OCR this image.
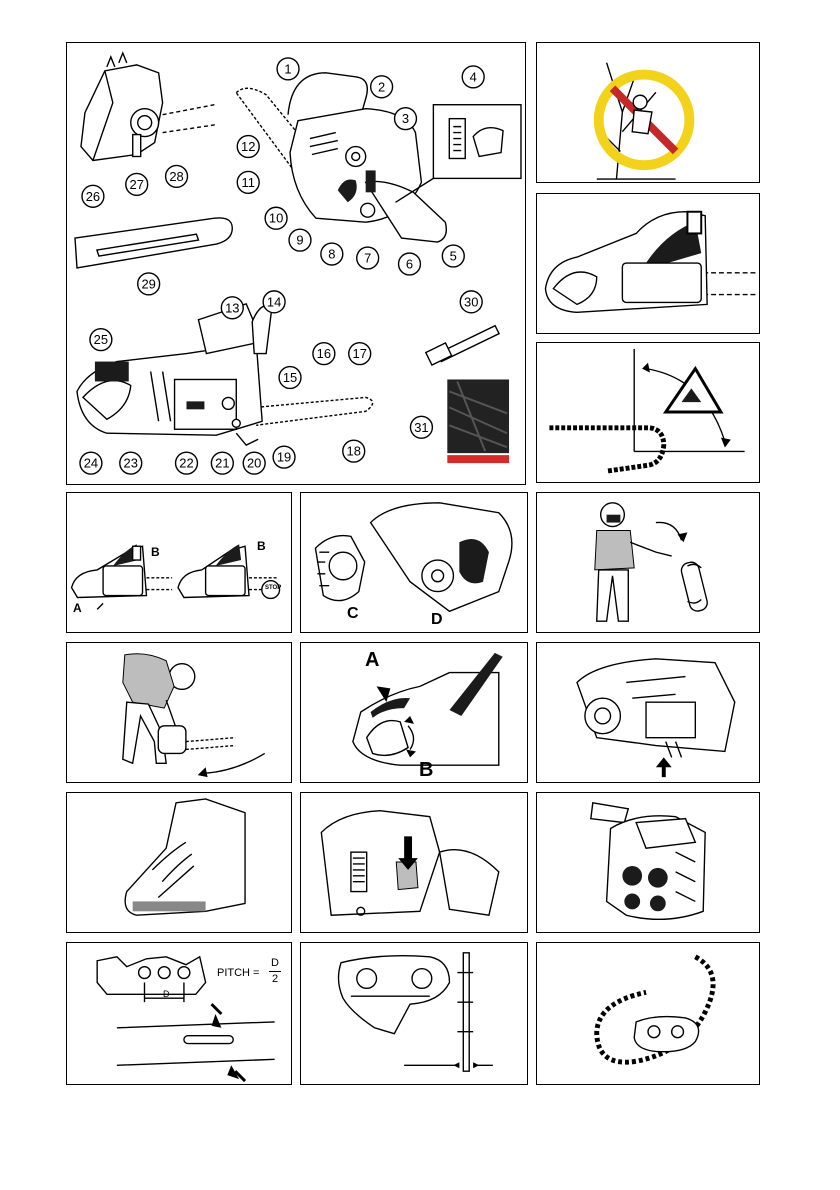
1
2
3
4
5
6
7
8
9
10
11
12
13 14
15
16 17
18
19
20
21
22
23
24
25
26
27
28
29
30
31
A
B	B
STOP
C	D
A
B
PITCH =
D
2
D
